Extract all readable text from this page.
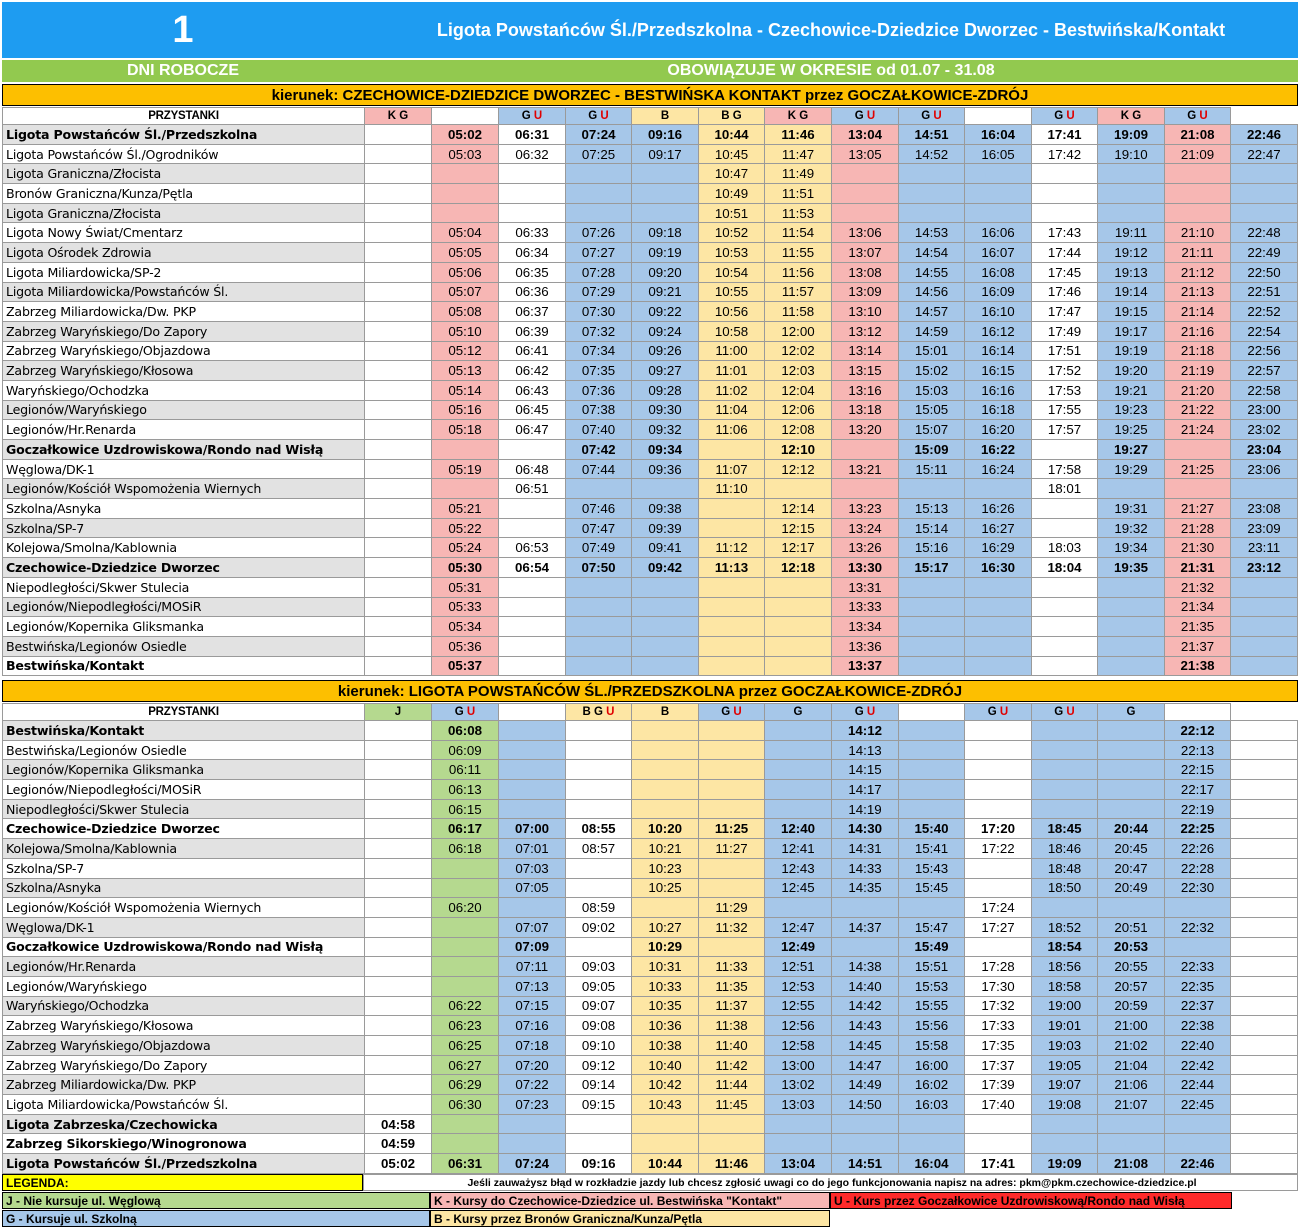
1	Ligota Powstańców Śl./Przedszkolna - Czechowice-Dziedzice Dworzec - Bestwińska/Kontakt
DNI ROBOCZE	OBOWIĄZUJE W OKRESIE od 01.07 - 31.08
kierunek: CZECHOWICE-DZIEDZICE DWORZEC - BESTWIŃSKA KONTAKT przez GOCZAŁKOWICE-ZDRÓJ
PRZYSTANKI	K G		G U	G U	B	B G	K G	G U	G U		G U	K G	G U	
Ligota Powstańców Śl./Przedszkolna		05:02	06:31	07:24	09:16	10:44	11:46	13:04	14:51	16:04	17:41	19:09	21:08	22:46
Ligota Powstańców Śl./Ogrodników		05:03	06:32	07:25	09:17	10:45	11:47	13:05	14:52	16:05	17:42	19:10	21:09	22:47
Ligota Graniczna/Złocista						10:47	11:49							
Bronów Graniczna/Kunza/Pętla						10:49	11:51							
Ligota Graniczna/Złocista						10:51	11:53							
Ligota Nowy Świat/Cmentarz		05:04	06:33	07:26	09:18	10:52	11:54	13:06	14:53	16:06	17:43	19:11	21:10	22:48
Ligota Ośrodek Zdrowia		05:05	06:34	07:27	09:19	10:53	11:55	13:07	14:54	16:07	17:44	19:12	21:11	22:49
Ligota Miliardowicka/SP-2		05:06	06:35	07:28	09:20	10:54	11:56	13:08	14:55	16:08	17:45	19:13	21:12	22:50
Ligota Miliardowicka/Powstańców Śl.		05:07	06:36	07:29	09:21	10:55	11:57	13:09	14:56	16:09	17:46	19:14	21:13	22:51
Zabrzeg Miliardowicka/Dw. PKP		05:08	06:37	07:30	09:22	10:56	11:58	13:10	14:57	16:10	17:47	19:15	21:14	22:52
Zabrzeg Waryńskiego/Do Zapory		05:10	06:39	07:32	09:24	10:58	12:00	13:12	14:59	16:12	17:49	19:17	21:16	22:54
Zabrzeg Waryńskiego/Objazdowa		05:12	06:41	07:34	09:26	11:00	12:02	13:14	15:01	16:14	17:51	19:19	21:18	22:56
Zabrzeg Waryńskiego/Kłosowa		05:13	06:42	07:35	09:27	11:01	12:03	13:15	15:02	16:15	17:52	19:20	21:19	22:57
Waryńskiego/Ochodzka		05:14	06:43	07:36	09:28	11:02	12:04	13:16	15:03	16:16	17:53	19:21	21:20	22:58
Legionów/Waryńskiego		05:16	06:45	07:38	09:30	11:04	12:06	13:18	15:05	16:18	17:55	19:23	21:22	23:00
Legionów/Hr.Renarda		05:18	06:47	07:40	09:32	11:06	12:08	13:20	15:07	16:20	17:57	19:25	21:24	23:02
Goczałkowice Uzdrowiskowa/Rondo nad Wisłą				07:42	09:34		12:10		15:09	16:22		19:27		23:04
Węglowa/DK-1		05:19	06:48	07:44	09:36	11:07	12:12	13:21	15:11	16:24	17:58	19:29	21:25	23:06
Legionów/Kościół Wspomożenia Wiernych			06:51			11:10					18:01			
Szkolna/Asnyka		05:21		07:46	09:38		12:14	13:23	15:13	16:26		19:31	21:27	23:08
Szkolna/SP-7		05:22		07:47	09:39		12:15	13:24	15:14	16:27		19:32	21:28	23:09
Kolejowa/Smolna/Kablownia		05:24	06:53	07:49	09:41	11:12	12:17	13:26	15:16	16:29	18:03	19:34	21:30	23:11
Czechowice-Dziedzice Dworzec		05:30	06:54	07:50	09:42	11:13	12:18	13:30	15:17	16:30	18:04	19:35	21:31	23:12
Niepodległości/Skwer Stulecia		05:31						13:31					21:32	
Legionów/Niepodległości/MOSiR		05:33						13:33					21:34	
Legionów/Kopernika Gliksmanka		05:34						13:34					21:35	
Bestwińska/Legionów Osiedle		05:36						13:36					21:37	
Bestwińska/Kontakt		05:37						13:37					21:38	
kierunek: LIGOTA POWSTAŃCÓW ŚL./PRZEDSZKOLNA przez GOCZAŁKOWICE-ZDRÓJ
PRZYSTANKI	J	G U		B G U	B	G U	G	G U		G U	G U	G		
Bestwińska/Kontakt		06:08						14:12					22:12	
Bestwińska/Legionów Osiedle		06:09						14:13					22:13	
Legionów/Kopernika Gliksmanka		06:11						14:15					22:15	
Legionów/Niepodległości/MOSiR		06:13						14:17					22:17	
Niepodległości/Skwer Stulecia		06:15						14:19					22:19	
Czechowice-Dziedzice Dworzec		06:17	07:00	08:55	10:20	11:25	12:40	14:30	15:40	17:20	18:45	20:44	22:25	
Kolejowa/Smolna/Kablownia		06:18	07:01	08:57	10:21	11:27	12:41	14:31	15:41	17:22	18:46	20:45	22:26	
Szkolna/SP-7			07:03		10:23		12:43	14:33	15:43		18:48	20:47	22:28	
Szkolna/Asnyka			07:05		10:25		12:45	14:35	15:45		18:50	20:49	22:30	
Legionów/Kościół Wspomożenia Wiernych		06:20		08:59		11:29				17:24				
Węglowa/DK-1			07:07	09:02	10:27	11:32	12:47	14:37	15:47	17:27	18:52	20:51	22:32	
Goczałkowice Uzdrowiskowa/Rondo nad Wisłą			07:09		10:29		12:49		15:49		18:54	20:53		
Legionów/Hr.Renarda			07:11	09:03	10:31	11:33	12:51	14:38	15:51	17:28	18:56	20:55	22:33	
Legionów/Waryńskiego			07:13	09:05	10:33	11:35	12:53	14:40	15:53	17:30	18:58	20:57	22:35	
Waryńskiego/Ochodzka		06:22	07:15	09:07	10:35	11:37	12:55	14:42	15:55	17:32	19:00	20:59	22:37	
Zabrzeg Waryńskiego/Kłosowa		06:23	07:16	09:08	10:36	11:38	12:56	14:43	15:56	17:33	19:01	21:00	22:38	
Zabrzeg Waryńskiego/Objazdowa		06:25	07:18	09:10	10:38	11:40	12:58	14:45	15:58	17:35	19:03	21:02	22:40	
Zabrzeg Waryńskiego/Do Zapory		06:27	07:20	09:12	10:40	11:42	13:00	14:47	16:00	17:37	19:05	21:04	22:42	
Zabrzeg Miliardowicka/Dw. PKP		06:29	07:22	09:14	10:42	11:44	13:02	14:49	16:02	17:39	19:07	21:06	22:44	
Ligota Miliardowicka/Powstańców Śl.		06:30	07:23	09:15	10:43	11:45	13:03	14:50	16:03	17:40	19:08	21:07	22:45	
Ligota Zabrzeska/Czechowicka	04:58													
Zabrzeg Sikorskiego/Winogronowa	04:59													
Ligota Powstańców Śl./Przedszkolna	05:02	06:31	07:24	09:16	10:44	11:46	13:04	14:51	16:04	17:41	19:09	21:08	22:46	
LEGENDA:	Jeśli zauważysz błąd w rozkładzie jazdy lub chcesz zgłosić uwagi co do jego funkcjonowania napisz na adres: pkm@pkm.czechowice-dziedzice.pl
J - Nie kursuje ul. Węglową	K - Kursy do Czechowice-Dziedzice ul. Bestwińska "Kontakt"	U - Kurs przez Goczałkowice Uzdrowiskową/Rondo nad Wisłą
G - Kursuje ul. Szkolną	B - Kursy przez Bronów Graniczna/Kunza/Pętla
